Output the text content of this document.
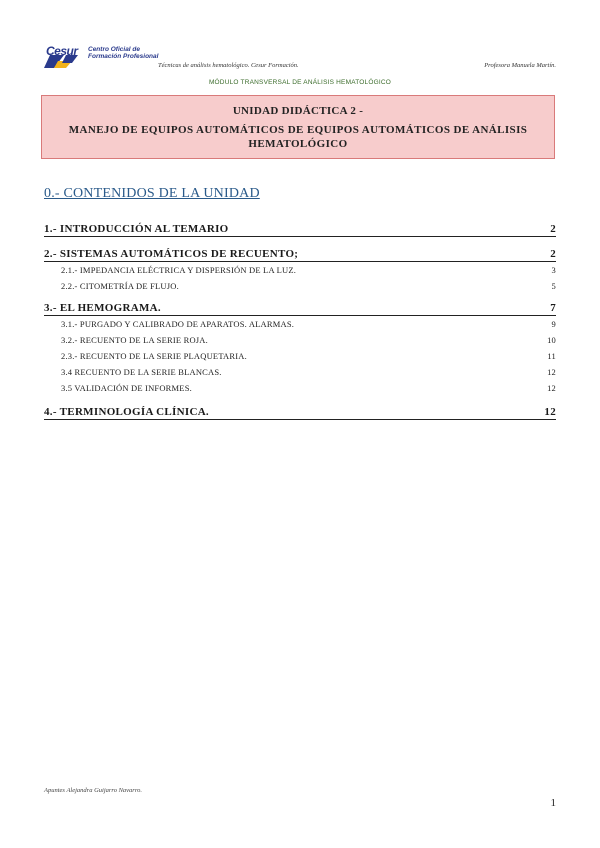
Cesur Centro Oficial de
Formación Profesional
Técnicas de análisis hematológico. Cesur Formación.	Profesora Manuela Martín.
MÓDULO TRANSVERSAL DE ANÁLISIS HEMATOLÓGICO
UNIDAD DIDÁCTICA 2 -
MANEJO DE EQUIPOS AUTOMÁTICOS DE EQUIPOS AUTOMÁTICOS DE ANÁLISIS HEMATOLÓGICO
0.- CONTENIDOS DE LA UNIDAD
1.- INTRODUCCIÓN AL TEMARIO	2
2.- SISTEMAS AUTOMÁTICOS DE RECUENTO;	2
2.1.- IMPEDANCIA ELÉCTRICA Y DISPERSIÓN DE LA LUZ.	3
2.2.- CITOMETRÍA DE FLUJO.	5
3.- EL HEMOGRAMA.	7
3.1.- PURGADO Y CALIBRADO DE APARATOS. ALARMAS.	9
3.2.- RECUENTO DE LA SERIE ROJA.	10
2.3.- RECUENTO DE LA SERIE PLAQUETARIA.	11
3.4 RECUENTO DE LA SERIE BLANCAS.	12
3.5 VALIDACIÓN DE INFORMES.	12
4.- TERMINOLOGÍA CLÍNICA.	12
Apuntes Alejandra Guijarro Navarro.
1
